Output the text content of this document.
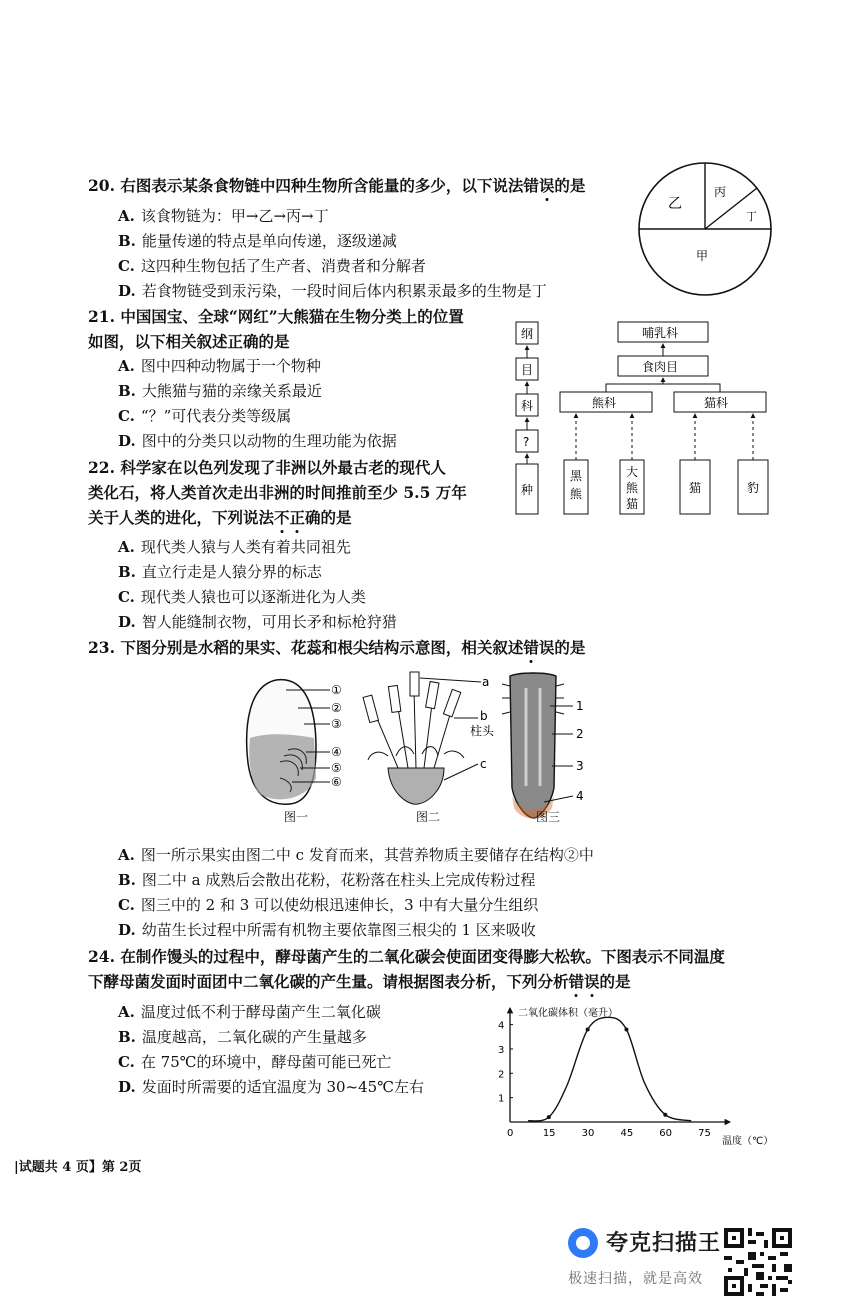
20. 右图表示某条食物链中四种生物所含能量的多少，以下说法错误的是
A. 该食物链为：甲→乙→丙→丁
B. 能量传递的特点是单向传递，逐级递减
C. 这四种生物包括了生产者、消费者和分解者
D. 若食物链受到汞污染，一段时间后体内积累汞最多的生物是丁
乙
丙
丁
甲
21. 中国国宝、全球“网红”大熊猫在生物分类上的位置
如图，以下相关叙述正确的是
A. 图中四种动物属于一个物种
B. 大熊猫与猫的亲缘关系最近
C. “？”可代表分类等级属
D. 图中的分类只以动物的生理功能为依据
纲
目
科
?
种
哺乳科
食肉目
熊科	猫科
黑熊
大熊猫
猫	豹
22. 科学家在以色列发现了非洲以外最古老的现代人
类化石，将人类首次走出非洲的时间推前至少 5.5 万年
关于人类的进化，下列说法不正确的是
A. 现代类人猿与人类有着共同祖先
B. 直立行走是人猿分界的标志
C. 现代类人猿也可以逐渐进化为人类
D. 智人能缝制衣物，可用长矛和标枪狩猎
23. 下图分别是水稻的果实、花蕊和根尖结构示意图，相关叙述错误的是
①
②
③
④
⑤
⑥
a
b
柱头
c
1
2
3
4
图一	图二	图三
A. 图一所示果实由图二中 c 发育而来，其营养物质主要储存在结构②中
B. 图二中 a 成熟后会散出花粉，花粉落在柱头上完成传粉过程
C. 图三中的 2 和 3 可以使幼根迅速伸长，3 中有大量分生组织
D. 幼苗生长过程中所需有机物主要依靠图三根尖的 1 区来吸收
24. 在制作馒头的过程中，酵母菌产生的二氧化碳会使面团变得膨大松软。下图表示不同温度
下酵母菌发面时面团中二氧化碳的产生量。请根据图表分析，下列分析错误的是
A. 温度过低不利于酵母菌产生二氧化碳
B. 温度越高，二氧化碳的产生量越多
C. 在 75℃的环境中，酵母菌可能已死亡
D. 发面时所需要的适宜温度为 30~45℃左右
二氧化碳体积（毫升）
温度（℃）
0	15	30	45	60	75
1
2
3
4
|试题共 4 页】第 2页
夸克扫描王
极速扫描，就是高效
